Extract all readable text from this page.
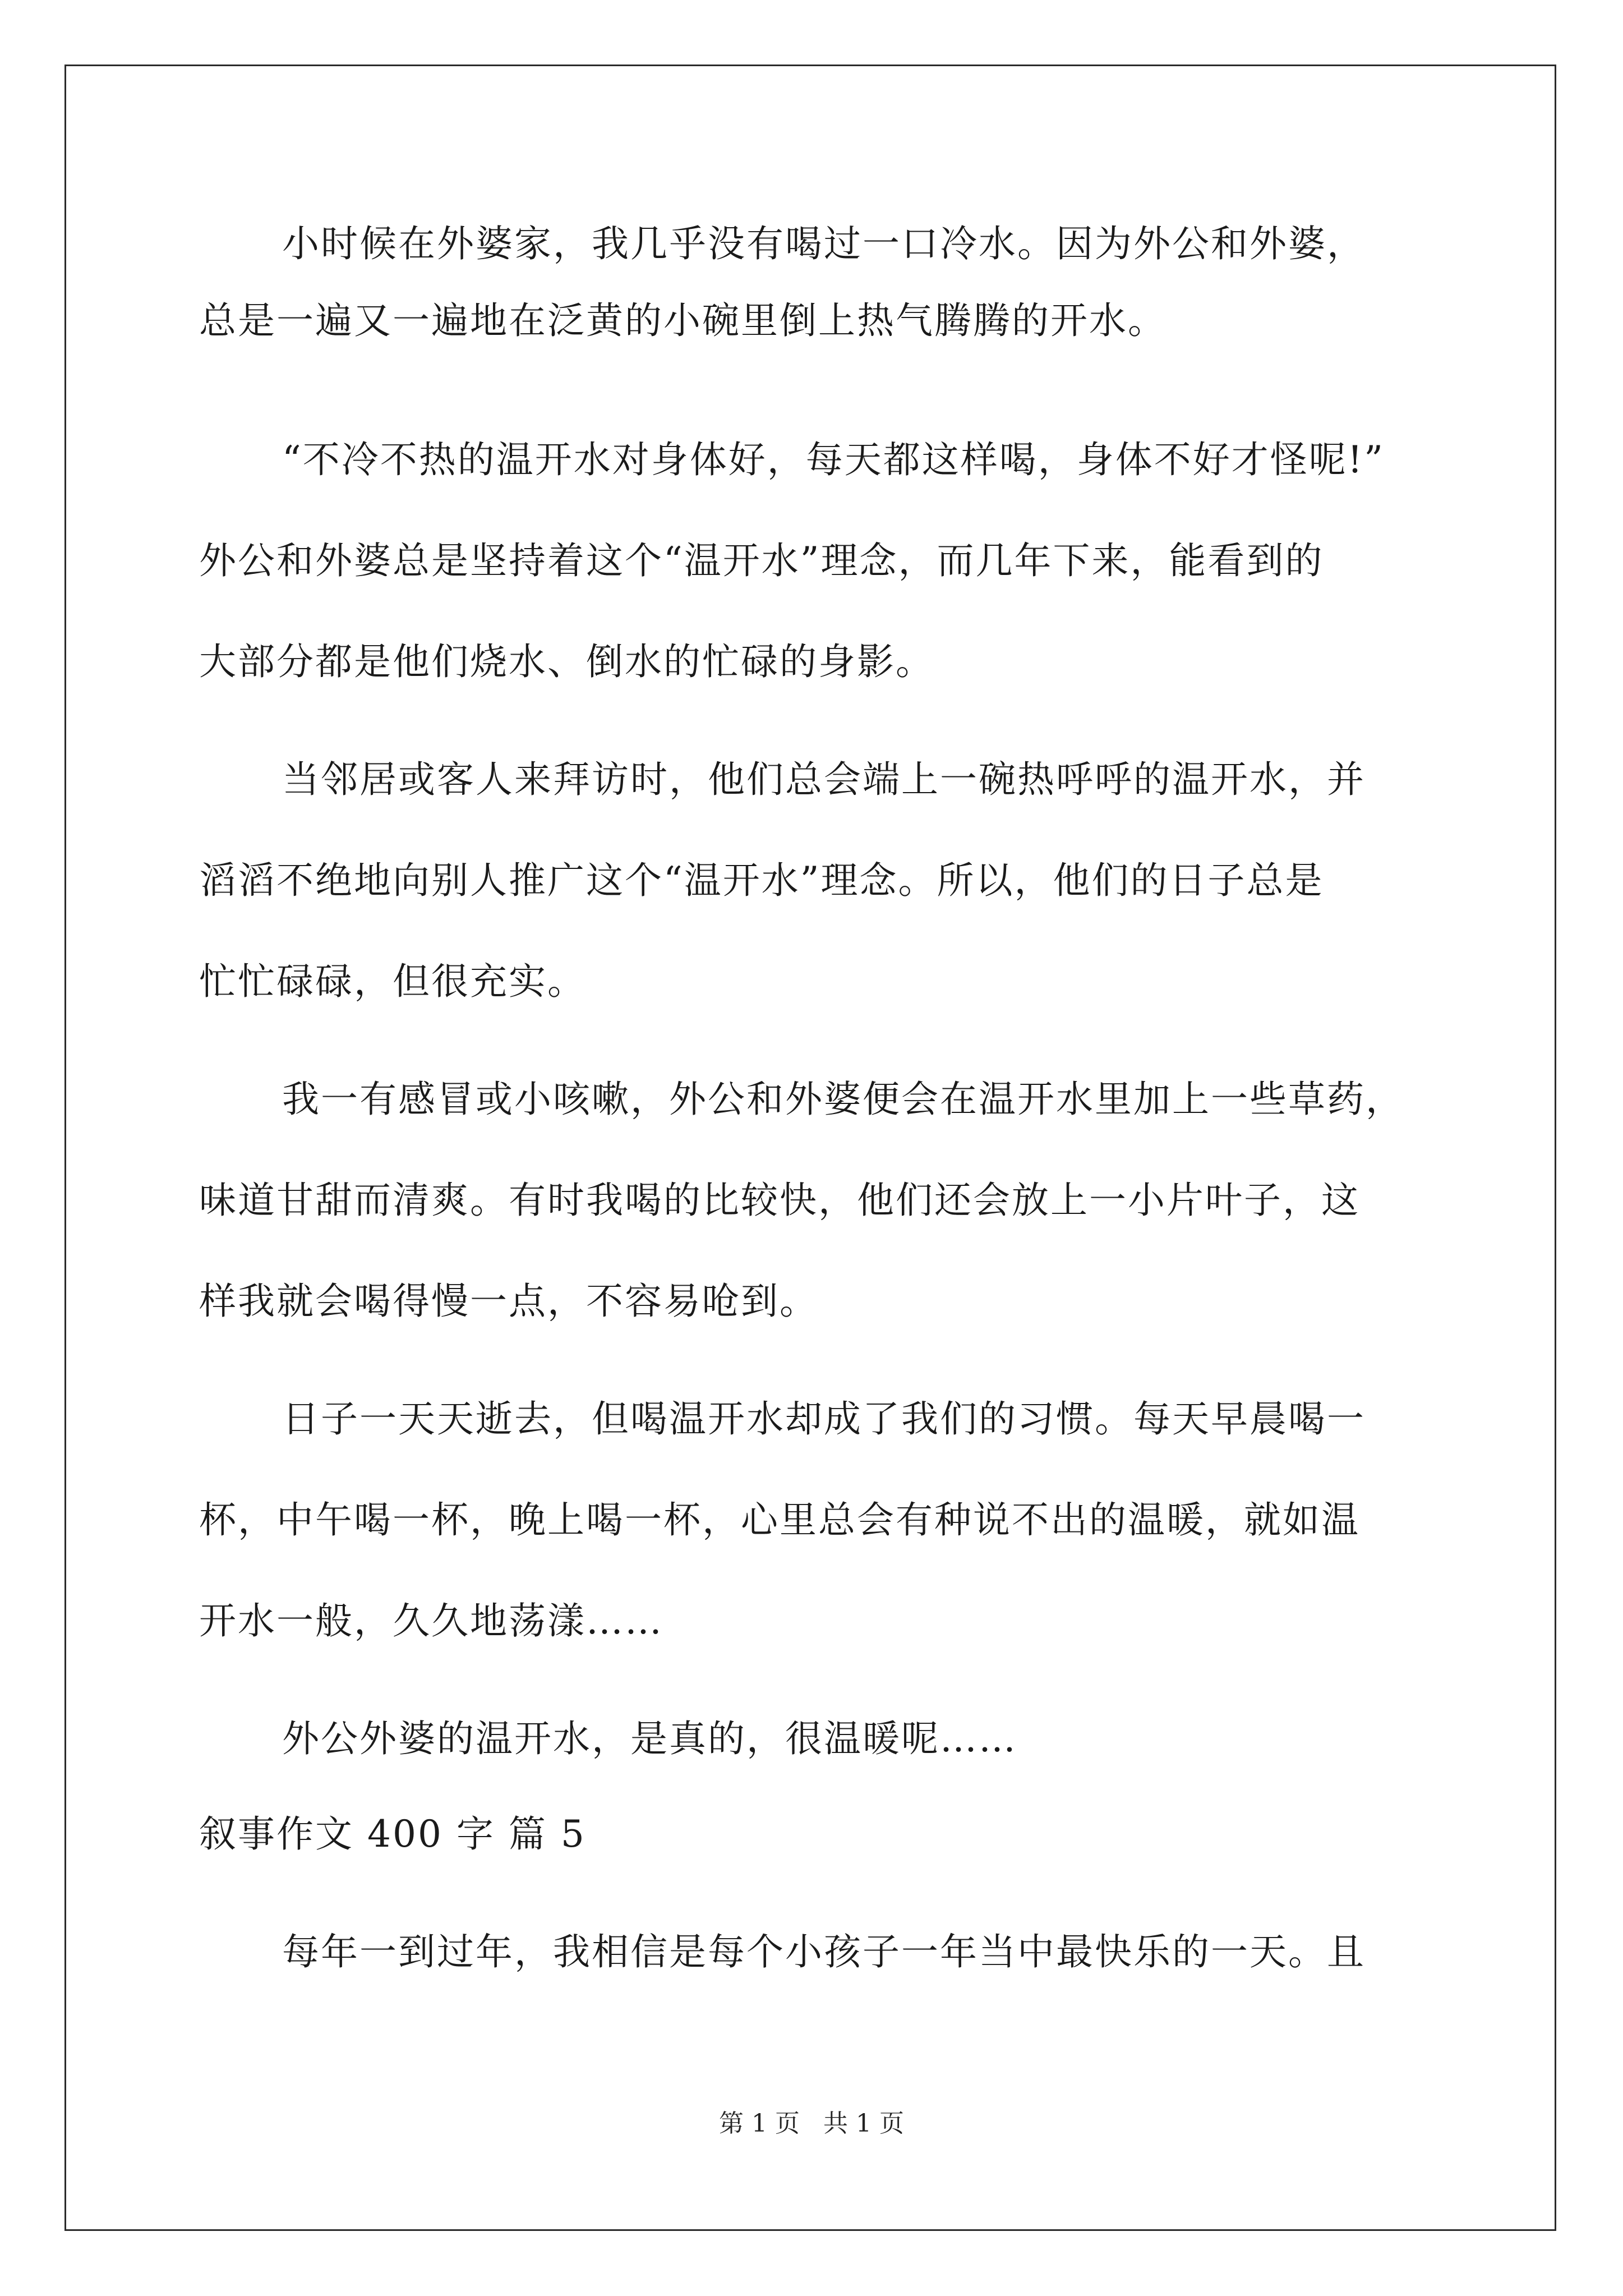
小时候在外婆家，我几乎没有喝过一口冷水。因为外公和外婆，
总是一遍又一遍地在泛黄的小碗里倒上热气腾腾的开水。
“不冷不热的温开水对身体好，每天都这样喝，身体不好才怪呢!”
外公和外婆总是坚持着这个“温开水”理念，而几年下来，能看到的
大部分都是他们烧水、倒水的忙碌的身影。
当邻居或客人来拜访时，他们总会端上一碗热呼呼的温开水，并
滔滔不绝地向别人推广这个“温开水”理念。所以，他们的日子总是
忙忙碌碌，但很充实。
我一有感冒或小咳嗽，外公和外婆便会在温开水里加上一些草药，
味道甘甜而清爽。有时我喝的比较快，他们还会放上一小片叶子，这
样我就会喝得慢一点，不容易呛到。
日子一天天逝去，但喝温开水却成了我们的习惯。每天早晨喝一
杯，中午喝一杯，晚上喝一杯，心里总会有种说不出的温暖，就如温
开水一般，久久地荡漾……
外公外婆的温开水，是真的，很温暖呢……
叙事作文 400 字 篇 5
每年一到过年，我相信是每个小孩子一年当中最快乐的一天。且
第 1 页   共 1 页
